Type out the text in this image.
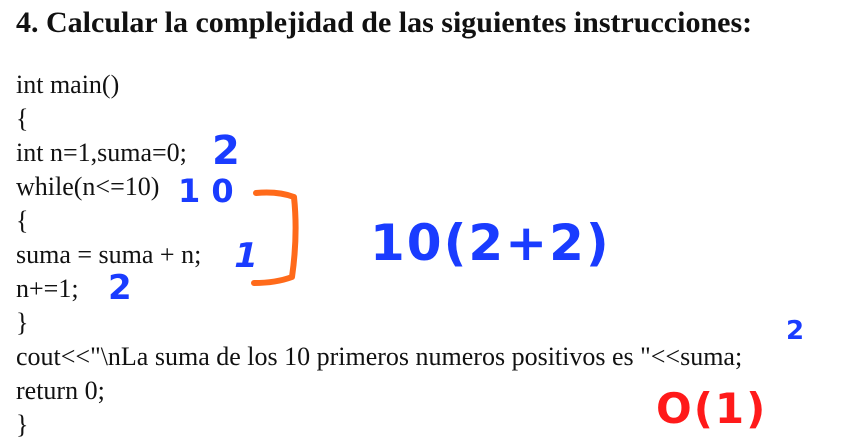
4. Calcular la complejidad de las siguientes instrucciones:
int main()
{
int n=1,suma=0;
while(n<=10)
{
suma = suma + n;
n+=1;
}
cout<<"\nLa suma de los 10 primeros numeros positivos es "<<suma;
return 0;
}
2
1 0
1
2
10(2+2)
2
O(1)
